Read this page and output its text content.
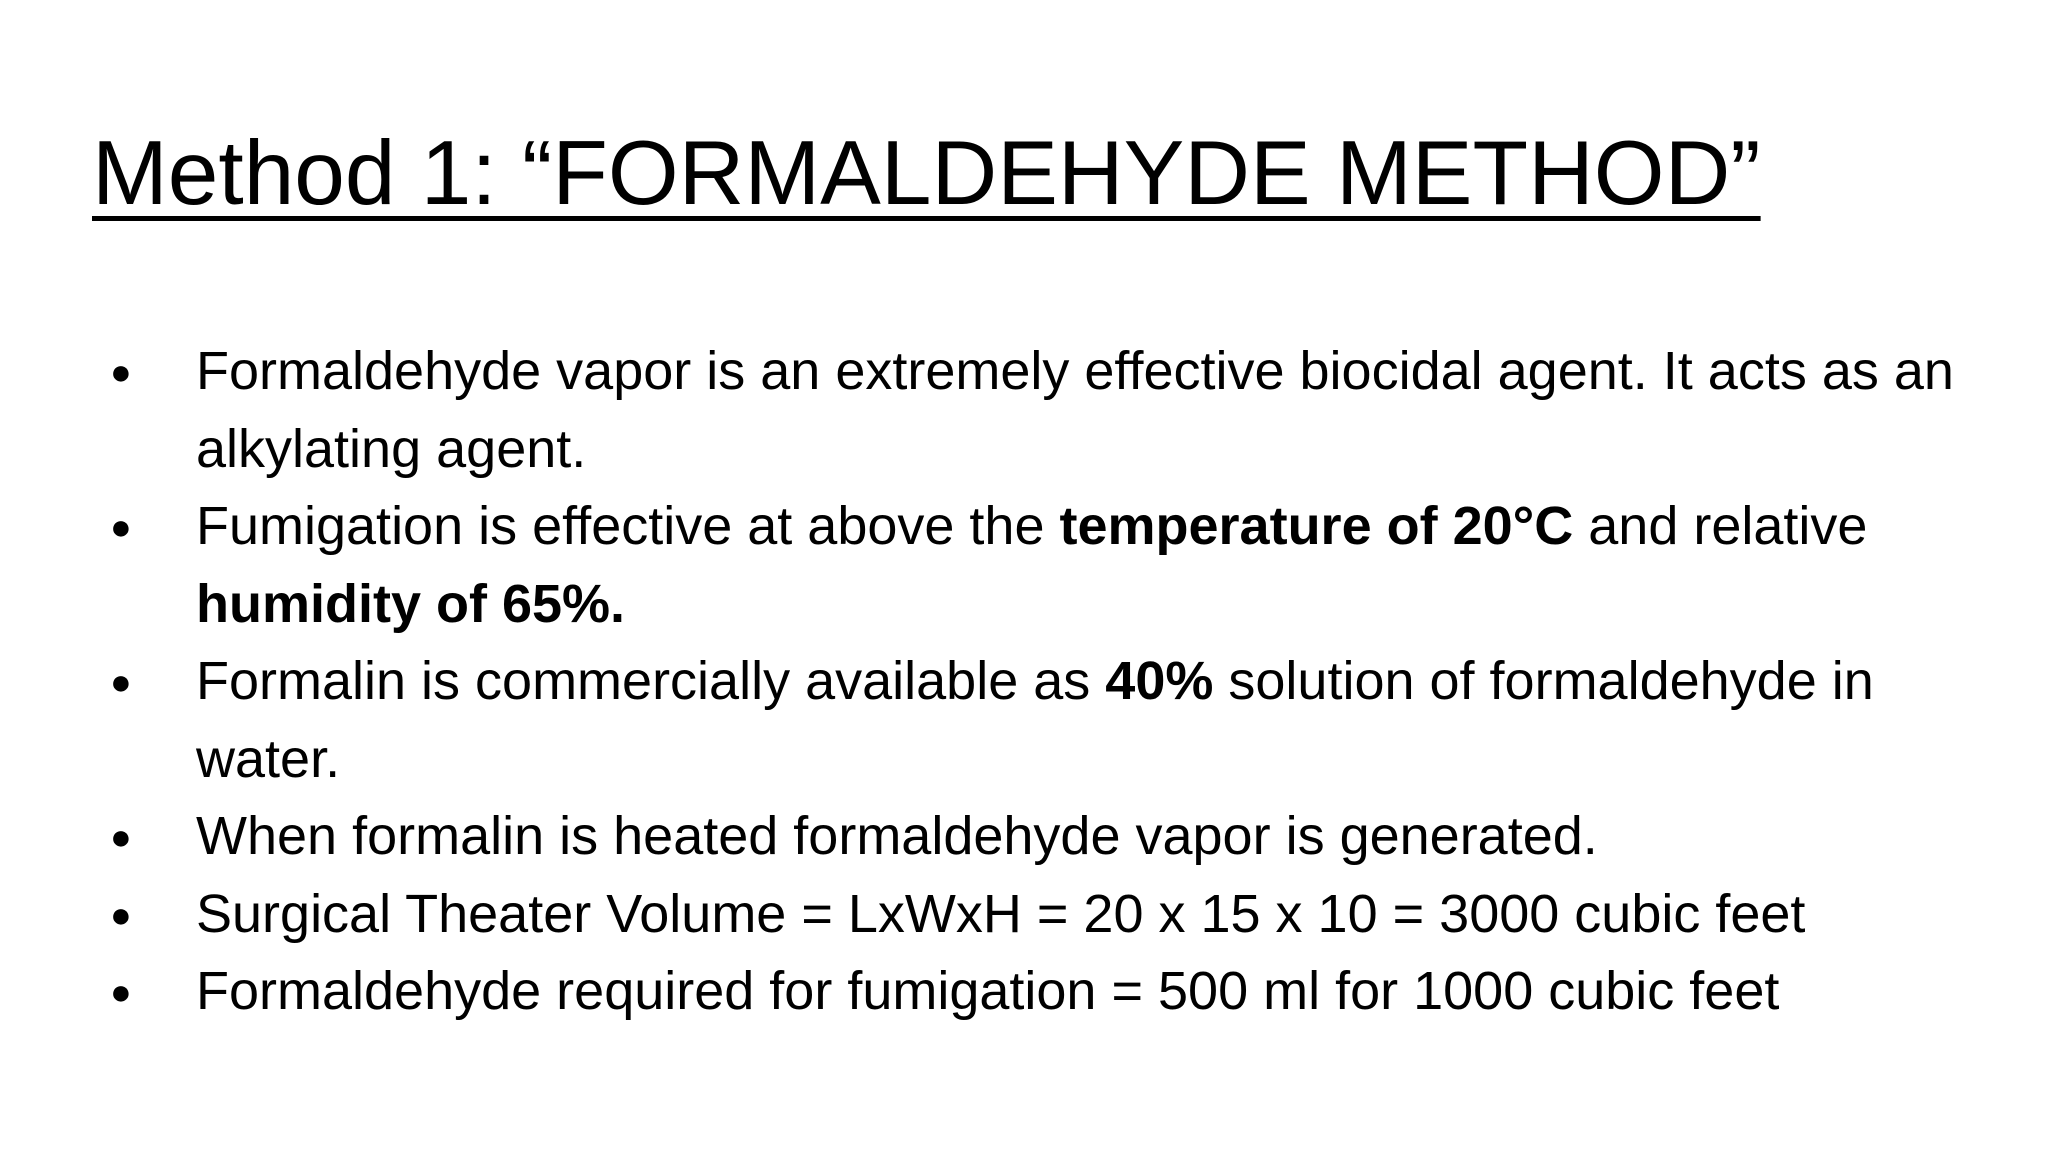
Method 1: “FORMALDEHYDE METHOD”
● Formaldehyde vapor is an extremely effective biocidal agent. It acts as an alkylating agent.
● Fumigation is effective at above the temperature of 20°C and relative humidity of 65%.
● Formalin is commercially available as 40% solution of formaldehyde in water.
● When formalin is heated formaldehyde vapor is generated.
● Surgical Theater Volume = LxWxH = 20 x 15 x 10 = 3000 cubic feet
● Formaldehyde required for fumigation = 500 ml for 1000 cubic feet
